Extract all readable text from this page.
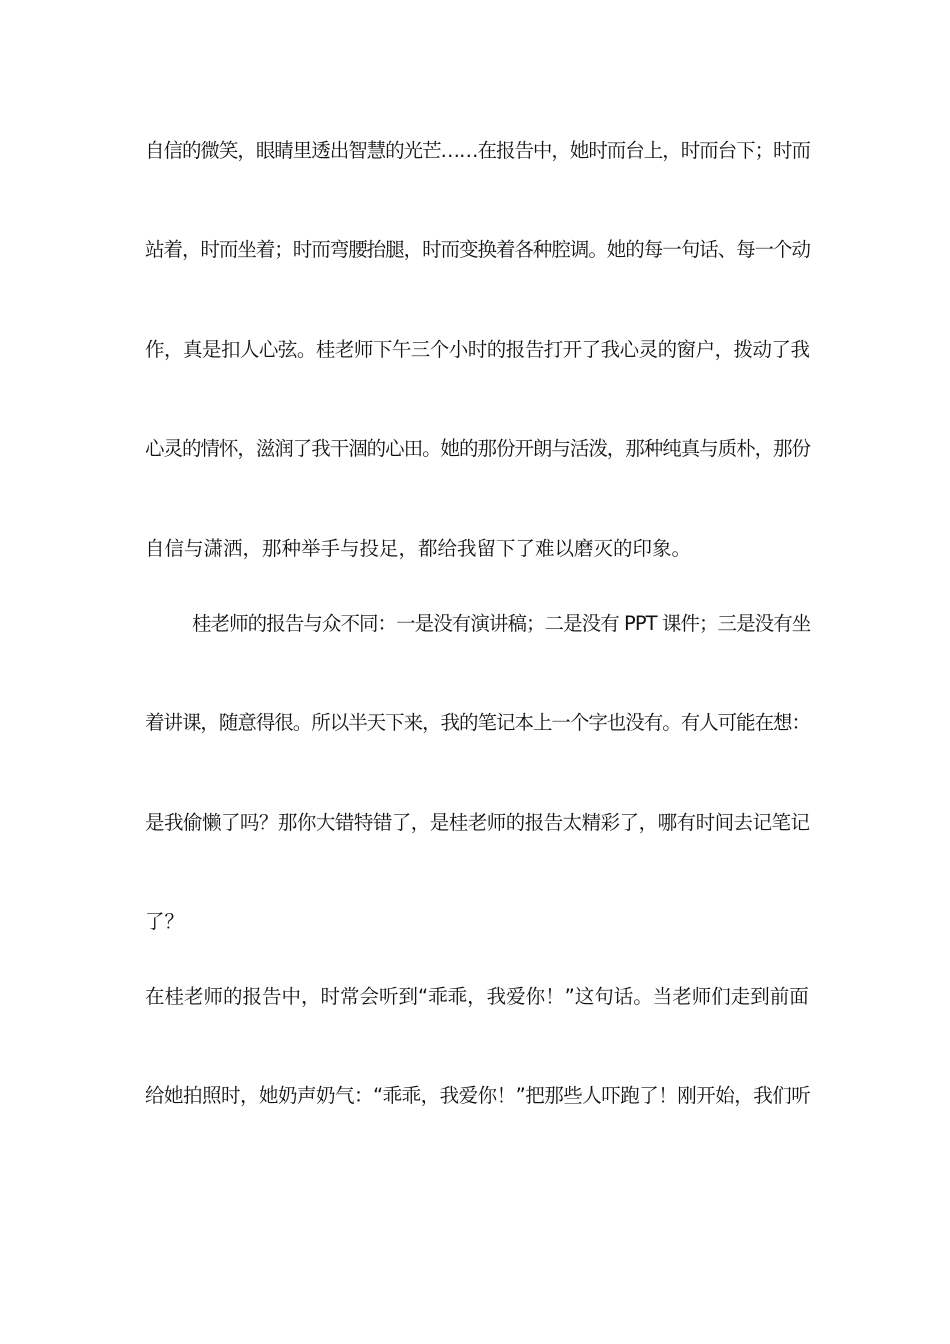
自信的微笑，眼睛里透出智慧的光芒……在报告中，她时而台上，时而台下；时而
站着，时而坐着；时而弯腰抬腿，时而变换着各种腔调。她的每一句话、每一个动
作，真是扣人心弦。桂老师下午三个小时的报告打开了我心灵的窗户，拨动了我
心灵的情怀，滋润了我干涸的心田。她的那份开朗与活泼，那种纯真与质朴，那份
自信与潇洒，那种举手与投足，都给我留下了难以磨灭的印象。
桂老师的报告与众不同：一是没有演讲稿；二是没有 PPT 课件；三是没有坐
着讲课，随意得很。所以半天下来，我的笔记本上一个字也没有。有人可能在想：
是我偷懒了吗？那你大错特错了，是桂老师的报告太精彩了，哪有时间去记笔记
了？
在桂老师的报告中，时常会听到“乖乖，我爱你！”这句话。当老师们走到前面
给她拍照时，她奶声奶气：“乖乖，我爱你！”把那些人吓跑了！刚开始，我们听
